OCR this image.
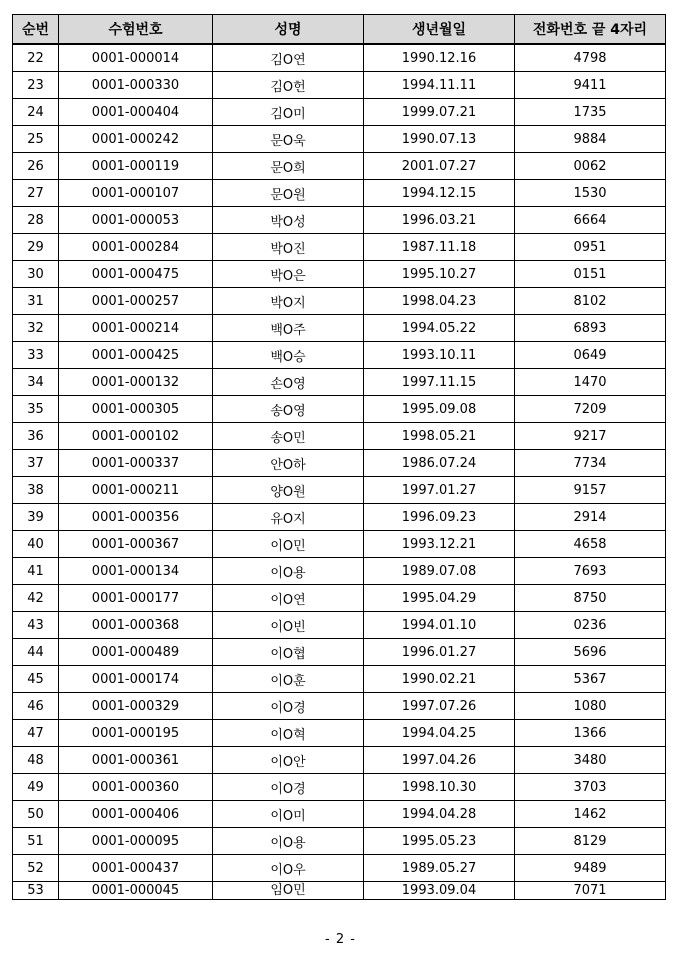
순번	수험번호	성명	생년월일	전화번호 끝 4자리
22	0001-000014	김O연	1990.12.16	4798
23	0001-000330	김O헌	1994.11.11	9411
24	0001-000404	김O미	1999.07.21	1735
25	0001-000242	문O욱	1990.07.13	9884
26	0001-000119	문O희	2001.07.27	0062
27	0001-000107	문O원	1994.12.15	1530
28	0001-000053	박O성	1996.03.21	6664
29	0001-000284	박O진	1987.11.18	0951
30	0001-000475	박O은	1995.10.27	0151
31	0001-000257	박O지	1998.04.23	8102
32	0001-000214	백O주	1994.05.22	6893
33	0001-000425	백O승	1993.10.11	0649
34	0001-000132	손O영	1997.11.15	1470
35	0001-000305	송O영	1995.09.08	7209
36	0001-000102	송O민	1998.05.21	9217
37	0001-000337	안O하	1986.07.24	7734
38	0001-000211	양O원	1997.01.27	9157
39	0001-000356	유O지	1996.09.23	2914
40	0001-000367	이O민	1993.12.21	4658
41	0001-000134	이O용	1989.07.08	7693
42	0001-000177	이O연	1995.04.29	8750
43	0001-000368	이O빈	1994.01.10	0236
44	0001-000489	이O협	1996.01.27	5696
45	0001-000174	이O훈	1990.02.21	5367
46	0001-000329	이O경	1997.07.26	1080
47	0001-000195	이O혁	1994.04.25	1366
48	0001-000361	이O안	1997.04.26	3480
49	0001-000360	이O경	1998.10.30	3703
50	0001-000406	이O미	1994.04.28	1462
51	0001-000095	이O용	1995.05.23	8129
52	0001-000437	이O우	1989.05.27	9489
53	0001-000045	임O민	1993.09.04	7071
- 2 -
